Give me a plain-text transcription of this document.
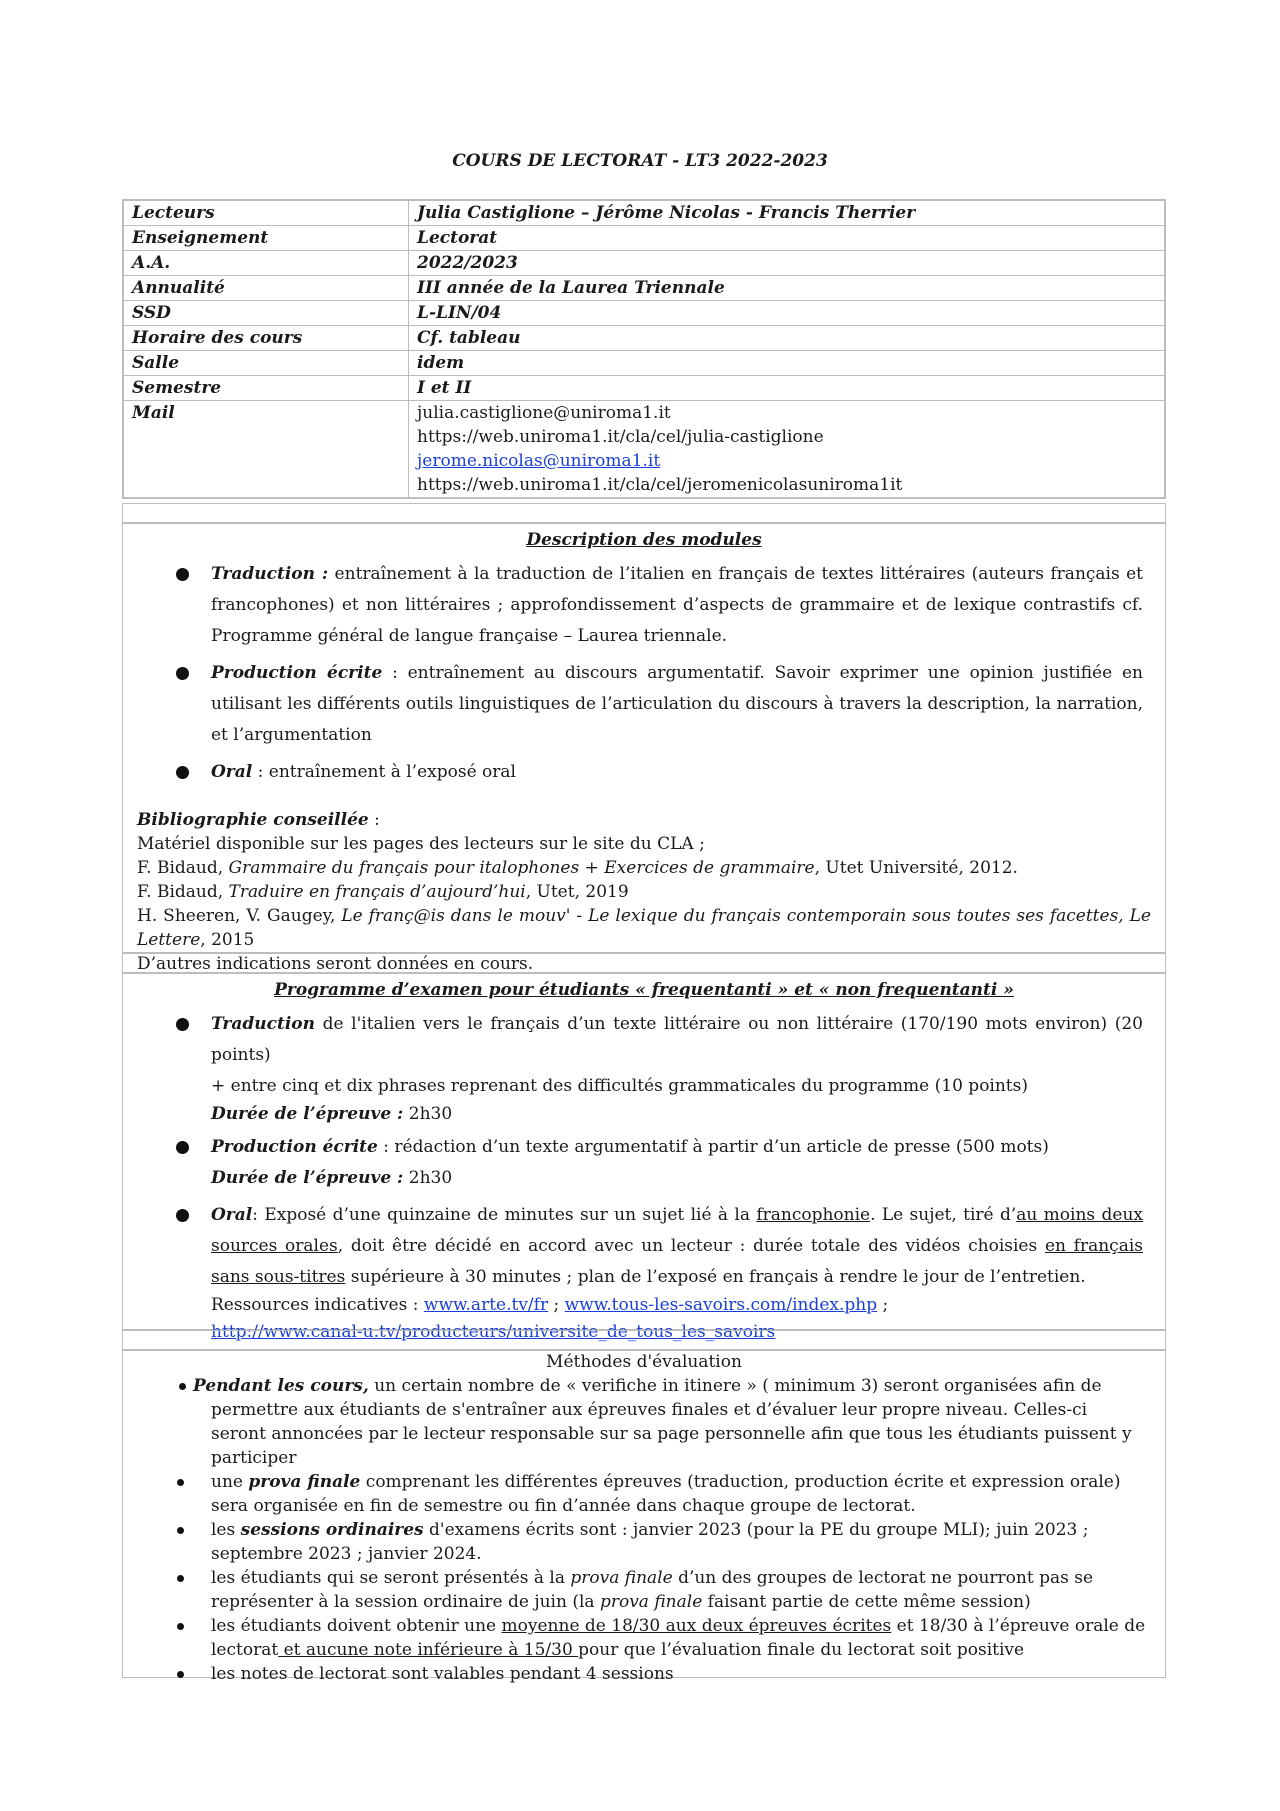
COURS DE LECTORAT - LT3 2022-2023
Lecteurs	Julia Castiglione – Jérôme Nicolas - Francis Therrier
Enseignement	Lectorat
A.A.	2022/2023
Annualité	III année de la Laurea Triennale
SSD	L-LIN/04
Horaire des cours	Cf. tableau
Salle	idem
Semestre	I et II
Mail	julia.castiglione@uniroma1.it
https://web.uniroma1.it/cla/cel/julia-castiglione
jerome.nicolas@uniroma1.it
https://web.uniroma1.it/cla/cel/jeromenicolasuniroma1it
Description des modules
Traduction : entraînement à la traduction de l’italien en français de textes littéraires (auteurs français et francophones) et non littéraires ; approfondissement d’aspects de grammaire et de lexique contrastifs cf. Programme général de langue française – Laurea triennale.
Production écrite : entraînement au discours argumentatif. Savoir exprimer une opinion justifiée en utilisant les différents outils linguistiques de l’articulation du discours à travers la description, la narration, et l’argumentation
Oral : entraînement à l’exposé oral
Bibliographie conseillée :
Matériel disponible sur les pages des lecteurs sur le site du CLA ;
F. Bidaud, Grammaire du français pour italophones + Exercices de grammaire, Utet Université, 2012.
F. Bidaud, Traduire en français d’aujourd’hui, Utet, 2019
H. Sheeren, V. Gaugey, Le franç@is dans le mouv' - Le lexique du français contemporain sous toutes ses facettes, Le Lettere, 2015
D’autres indications seront données en cours.
Programme d’examen pour étudiants « frequentanti » et « non frequentanti »
Traduction de l'italien vers le français d’un texte littéraire ou non littéraire (170/190 mots environ) (20 points)
+ entre cinq et dix phrases reprenant des difficultés grammaticales du programme (10 points)
Durée de l’épreuve : 2h30
Production écrite : rédaction d’un texte argumentatif à partir d’un article de presse (500 mots)
Durée de l’épreuve : 2h30
Oral: Exposé d’une quinzaine de minutes sur un sujet lié à la francophonie. Le sujet, tiré d’au moins deux sources orales, doit être décidé en accord avec un lecteur : durée totale des vidéos choisies en français sans sous-titres supérieure à 30 minutes ; plan de l’exposé en français à rendre le jour de l’entretien.
Ressources indicatives : www.arte.tv/fr ; www.tous-les-savoirs.com/index.php ;
http://www.canal-u.tv/producteurs/universite_de_tous_les_savoirs
Méthodes d'évaluation
Pendant les cours, un certain nombre de « verifiche in itinere » ( minimum 3) seront organisées afin de permettre aux étudiants de s'entraîner aux épreuves finales et d’évaluer leur propre niveau. Celles-ci seront annoncées par le lecteur responsable sur sa page personnelle afin que tous les étudiants puissent y participer
une prova finale comprenant les différentes épreuves (traduction, production écrite et expression orale) sera organisée en fin de semestre ou fin d’année dans chaque groupe de lectorat.
les sessions ordinaires d'examens écrits sont : janvier 2023 (pour la PE du groupe MLI); juin 2023 ; septembre 2023 ; janvier 2024.
les étudiants qui se seront présentés à la prova finale d’un des groupes de lectorat ne pourront pas se représenter à la session ordinaire de juin (la prova finale faisant partie de cette même session)
les étudiants doivent obtenir une moyenne de 18/30 aux deux épreuves écrites et 18/30 à l’épreuve orale de lectorat et aucune note inférieure à 15/30 pour que l’évaluation finale du lectorat soit positive
les notes de lectorat sont valables pendant 4 sessions
